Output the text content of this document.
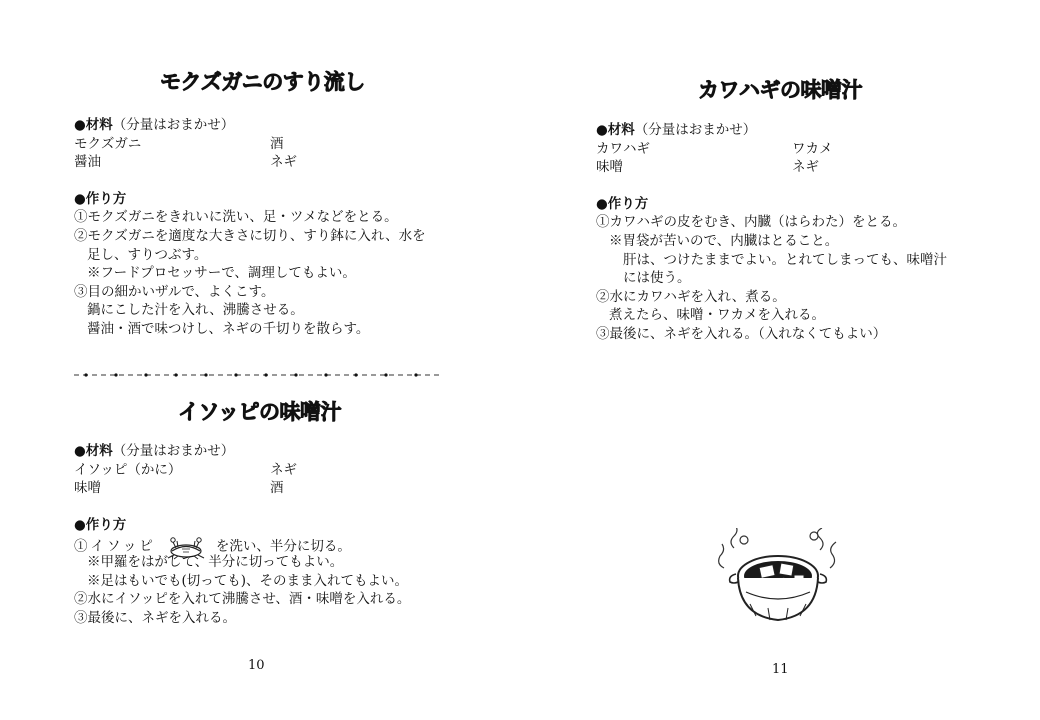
モクズガニのすり流し
●材料（分量はおまかせ）
モクズガニ	酒
醤油	ネギ
●作り方
①モクズガニをきれいに洗い、足・ツメなどをとる。
②モクズガニを適度な大きさに切り、すり鉢に入れ、水を
足し、すりつぶす。
※フードプロセッサーで、調理してもよい。
③目の細かいザルで、よくこす。
鍋にこした汁を入れ、沸騰させる。
醤油・酒で味つけし、ネギの千切りを散らす。
イソッピの味噌汁
●材料（分量はおまかせ）
イソッピ（かに）	ネギ
味噌	酒
●作り方
①イソッピ	を洗い、半分に切る。
※甲羅をはがして、半分に切ってもよい。
※足はもいでも(切っても)、そのまま入れてもよい。
②水にイソッピを入れて沸騰させ、酒・味噌を入れる。
③最後に、ネギを入れる。
10
カワハギの味噌汁
●材料（分量はおまかせ）
カワハギ	ワカメ
味噌	ネギ
●作り方
①カワハギの皮をむき、内臓（はらわた）をとる。
※胃袋が苦いので、内臓はとること。
肝は、つけたままでよい。とれてしまっても、味噌汁
には使う。
②水にカワハギを入れ、煮る。
煮えたら、味噌・ワカメを入れる。
③最後に、ネギを入れる。（入れなくてもよい）
11
